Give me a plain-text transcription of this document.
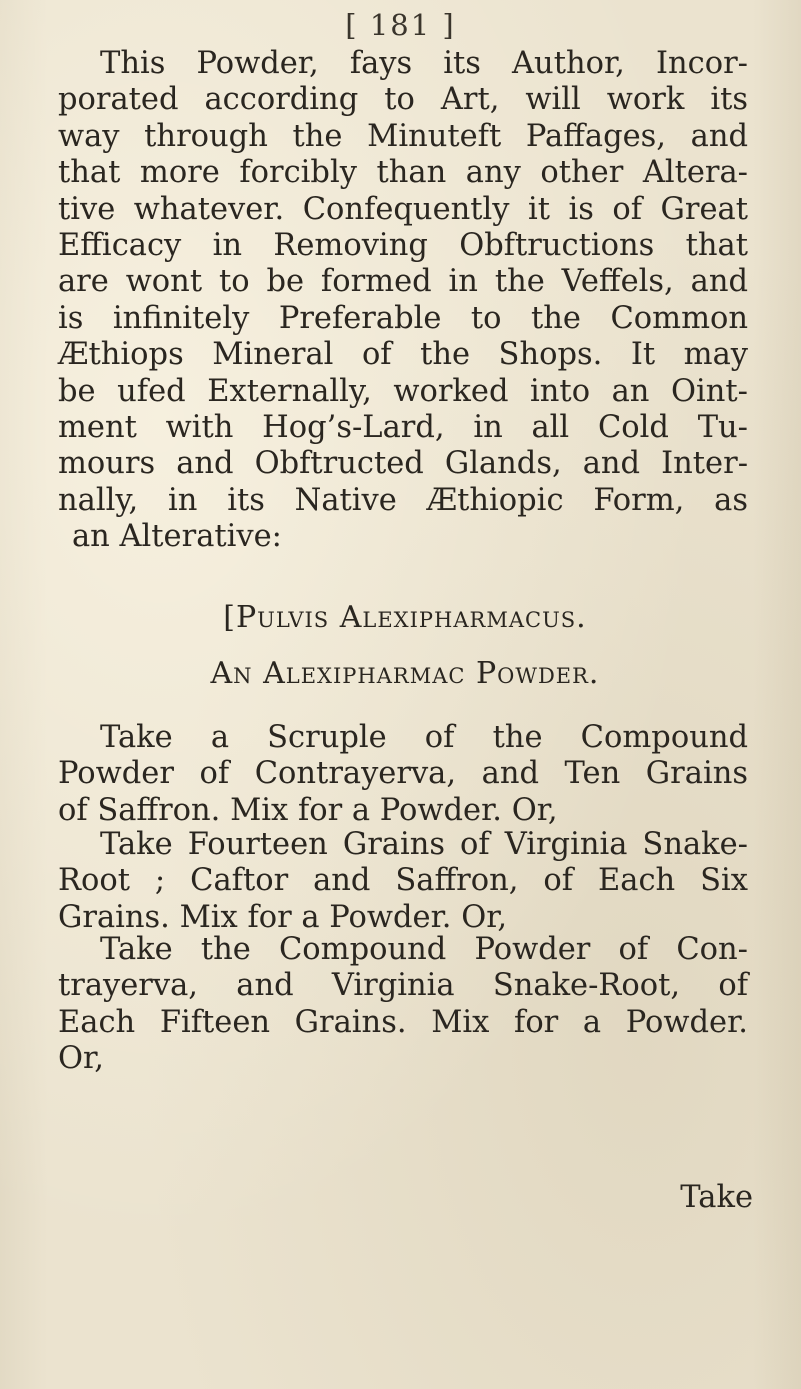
[ 181 ]
This Powder, fays its Author, Incor-
porated according to Art, will work its
way through the Minuteft Paffages, and
that more forcibly than any other Altera-
tive whatever. Confequently it is of Great
Efficacy in Removing Obftructions that
are wont to be formed in the Veffels, and
is infinitely Preferable to the Common
Æthiops Mineral of the Shops. It may
be ufed Externally, worked into an Oint-
ment with Hog’s-Lard, in all Cold Tu-
mours and Obftructed Glands, and Inter-
nally, in its Native Æthiopic Form, as
an Alterative:
[Pulvis Alexipharmacus.
An Alexipharmac Powder.
Take a Scruple of the Compound
Powder of Contrayerva, and Ten Grains
of Saffron. Mix for a Powder. Or,
Take Fourteen Grains of Virginia Snake-
Root ; Caftor and Saffron, of Each Six
Grains. Mix for a Powder. Or,
Take the Compound Powder of Con-
trayerva, and Virginia Snake-Root, of
Each Fifteen Grains. Mix for a Powder.
Or,
Take
